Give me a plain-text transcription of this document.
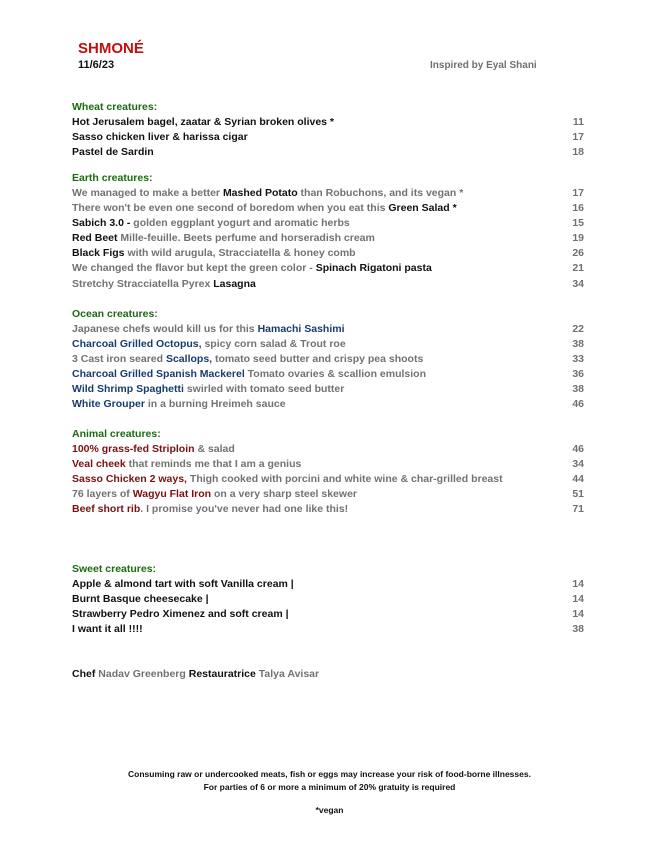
SHMONÉ
11/6/23	Inspired by Eyal Shani
Wheat creatures:
Hot Jerusalem bagel, zaatar & Syrian broken olives *	11
Sasso chicken liver & harissa cigar	17
Pastel de Sardin	18
Earth creatures:
We managed to make a better Mashed Potato than Robuchons, and its vegan *	17
There won't be even one second of boredom when you eat this Green Salad *	16
Sabich 3.0 - golden eggplant yogurt and aromatic herbs	15
Red Beet Mille-feuille. Beets perfume and horseradish cream	19
Black Figs with wild arugula, Stracciatella & honey comb	26
We changed the flavor but kept the green color - Spinach Rigatoni pasta	21
Stretchy Stracciatella Pyrex Lasagna	34
Ocean creatures:
Japanese chefs would kill us for this Hamachi Sashimi	22
Charcoal Grilled Octopus, spicy corn salad & Trout roe	38
3 Cast iron seared Scallops, tomato seed butter and crispy pea shoots	33
Charcoal Grilled Spanish Mackerel Tomato ovaries & scallion emulsion	36
Wild Shrimp Spaghetti swirled with tomato seed butter	38
White Grouper in a burning Hreimeh sauce	46
Animal creatures:
100% grass-fed Striploin & salad	46
Veal cheek that reminds me that I am a genius	34
Sasso Chicken 2 ways, Thigh cooked with porcini and white wine & char-grilled breast	44
76 layers of Wagyu Flat Iron on a very sharp steel skewer	51
Beef short rib. I promise you've never had one like this!	71
Sweet creatures:
Apple & almond tart with soft Vanilla cream |	14
Burnt Basque cheesecake |	14
Strawberry Pedro Ximenez and soft cream |	14
I want it all !!!!	38
Chef Nadav Greenberg Restauratrice Talya Avisar
Consuming raw or undercooked meats, fish or eggs may increase your risk of food-borne illnesses.
For parties of 6 or more a minimum of 20% gratuity is required
*vegan
